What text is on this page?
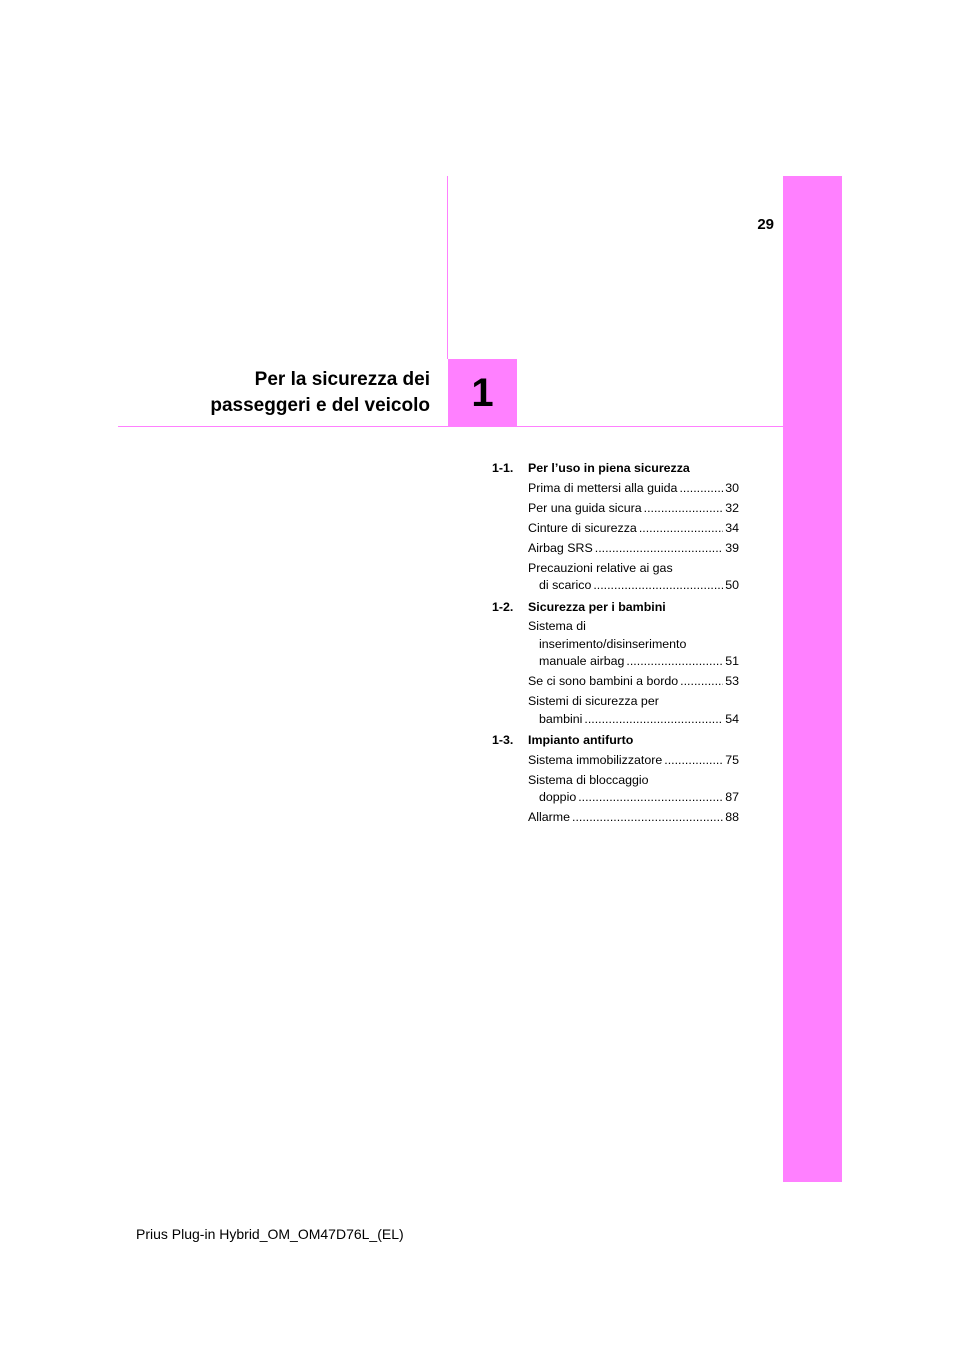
29
1
Per la sicurezza dei
passeggeri e del veicolo
1-1.	Per l’uso in piena sicurezza
Prima di mettersi alla guida .....	30
Per una guida sicura .....	32
Cinture di sicurezza .....	34
Airbag SRS .....	39
Precauzioni relative ai gas
di scarico .....	50
1-2.	Sicurezza per i bambini
Sistema di
inserimento/disinserimento
manuale airbag .....	51
Se ci sono bambini a bordo .....	53
Sistemi di sicurezza per
bambini .....	54
1-3.	Impianto antifurto
Sistema immobilizzatore .....	75
Sistema di bloccaggio
doppio .....	87
Allarme .....	88
Prius Plug-in Hybrid_OM_OM47D76L_(EL)
